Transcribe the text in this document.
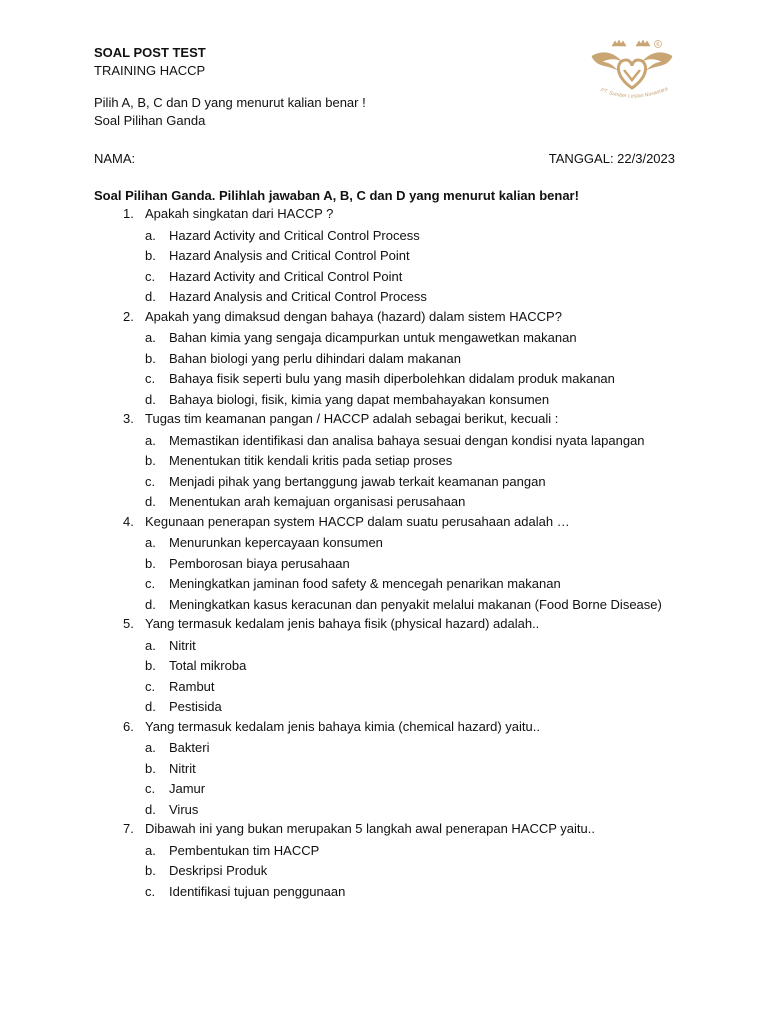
SOAL POST TEST
TRAINING HACCP
Pilih A, B, C dan D yang menurut kalian benar !
Soal Pilihan Ganda
NAMA:	TANGGAL: 22/3/2023
R
PT. Sumber Lestari Nusantara
Soal Pilihan Ganda. Pilihlah jawaban A, B, C dan D yang menurut kalian benar!
1. Apakah singkatan dari HACCP ?
a. Hazard Activity and Critical Control Process
b. Hazard Analysis and Critical Control Point
c. Hazard Activity and Critical Control Point
d. Hazard Analysis and Critical Control Process
2. Apakah yang dimaksud dengan bahaya (hazard) dalam sistem HACCP?
a. Bahan kimia yang sengaja dicampurkan untuk mengawetkan makanan
b. Bahan biologi yang perlu dihindari dalam makanan
c. Bahaya fisik seperti bulu yang masih diperbolehkan didalam produk makanan
d. Bahaya biologi, fisik, kimia yang dapat membahayakan konsumen
3. Tugas tim keamanan pangan / HACCP adalah sebagai berikut, kecuali :
a. Memastikan identifikasi dan analisa bahaya sesuai dengan kondisi nyata lapangan
b. Menentukan titik kendali kritis pada setiap proses
c. Menjadi pihak yang bertanggung jawab terkait keamanan pangan
d. Menentukan arah kemajuan organisasi perusahaan
4. Kegunaan penerapan system HACCP dalam suatu perusahaan adalah …
a. Menurunkan kepercayaan konsumen
b. Pemborosan biaya perusahaan
c. Meningkatkan jaminan food safety & mencegah penarikan makanan
d. Meningkatkan kasus keracunan dan penyakit melalui makanan (Food Borne Disease)
5. Yang termasuk kedalam jenis bahaya fisik (physical hazard) adalah..
a. Nitrit
b. Total mikroba
c. Rambut
d. Pestisida
6. Yang termasuk kedalam jenis bahaya kimia (chemical hazard) yaitu..
a. Bakteri
b. Nitrit
c. Jamur
d. Virus
7. Dibawah ini yang bukan merupakan 5 langkah awal penerapan HACCP yaitu..
a. Pembentukan tim HACCP
b. Deskripsi Produk
c. Identifikasi tujuan penggunaan
